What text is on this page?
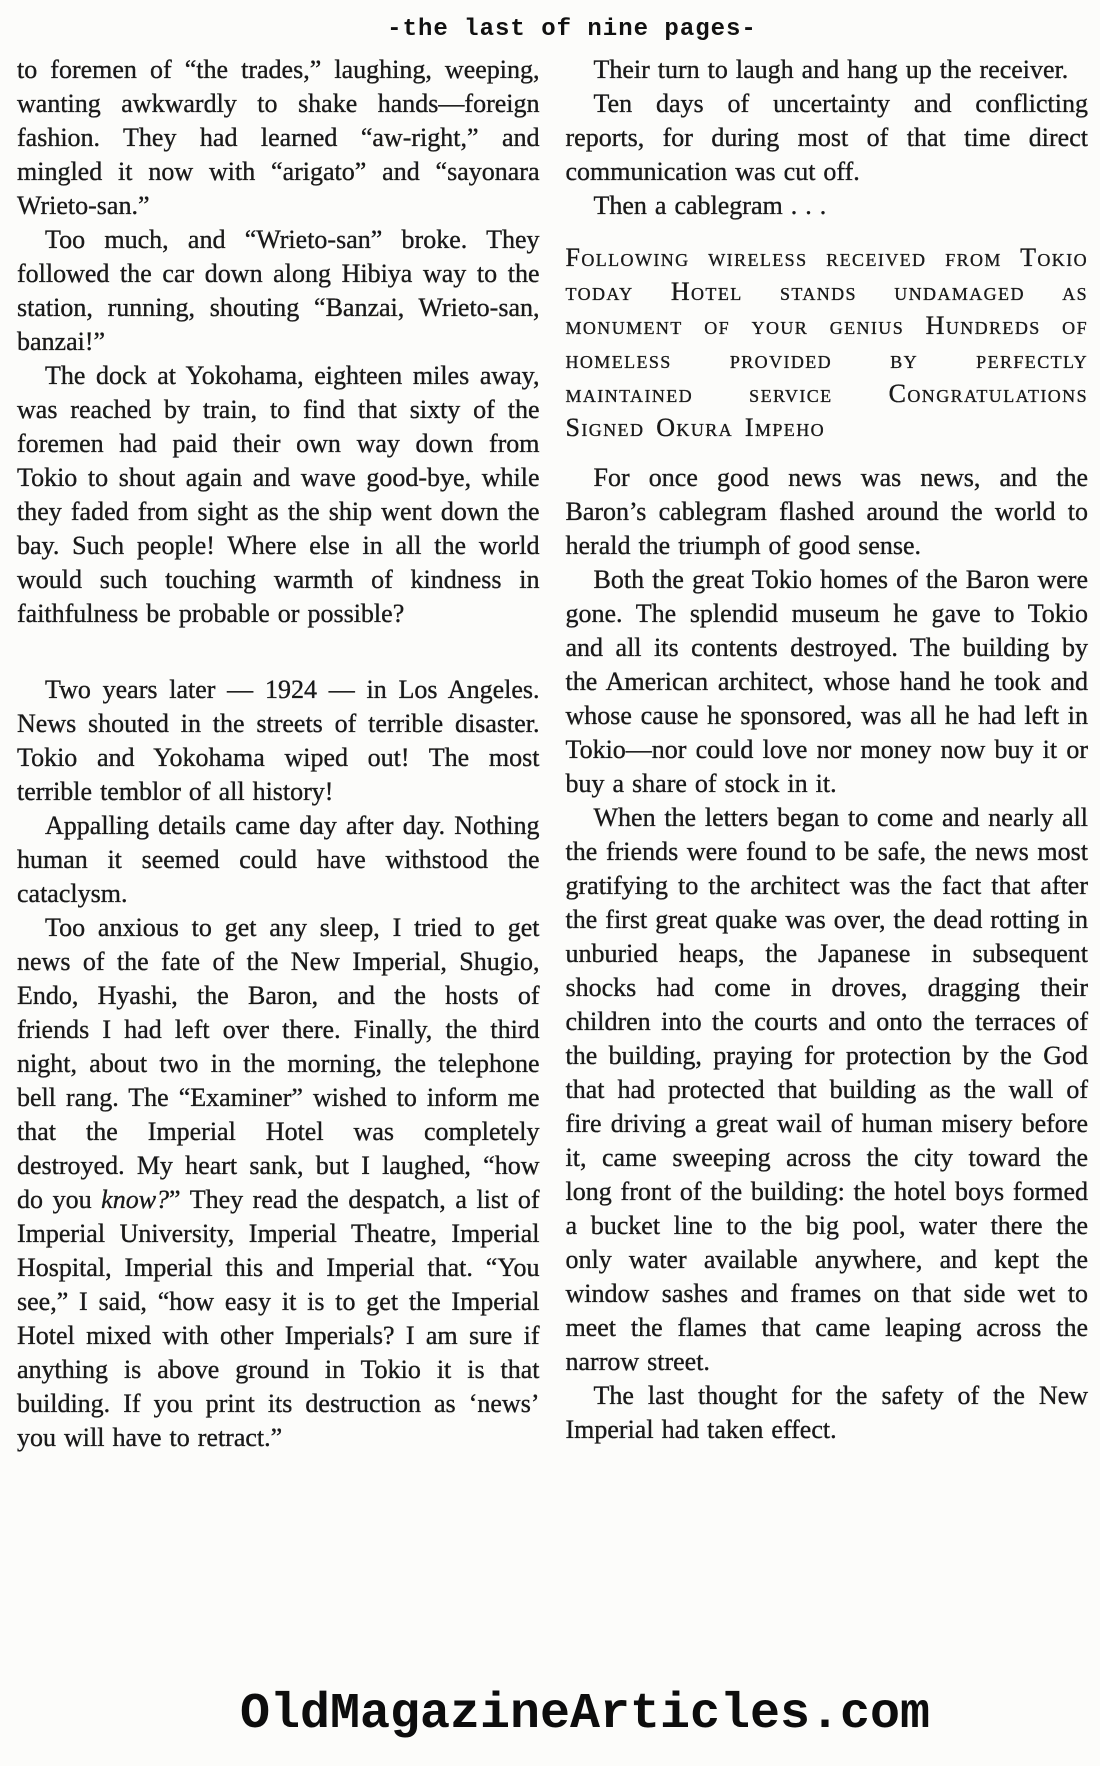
-the last of nine pages-

to foremen of “the trades,” laughing, weeping, wanting awkwardly to shake hands—foreign fashion. They had learned “aw-right,” and mingled it now with “arigato” and “sayonara Wrieto-san.”

Too much, and “Wrieto-san” broke. They followed the car down along Hibiya way to the station, running, shouting “Banzai, Wrieto-san, banzai!”

The dock at Yokohama, eighteen miles away, was reached by train, to find that sixty of the foremen had paid their own way down from Tokio to shout again and wave good-bye, while they faded from sight as the ship went down the bay. Such people! Where else in all the world would such touching warmth of kindness in faithfulness be probable or possible?

Two years later — 1924 — in Los Angeles. News shouted in the streets of terrible disaster. Tokio and Yokohama wiped out! The most terrible temblor of all history!

Appalling details came day after day. Nothing human it seemed could have withstood the cataclysm.

Too anxious to get any sleep, I tried to get news of the fate of the New Imperial, Shugio, Endo, Hyashi, the Baron, and the hosts of friends I had left over there. Finally, the third night, about two in the morning, the telephone bell rang. The “Examiner” wished to inform me that the Imperial Hotel was completely destroyed. My heart sank, but I laughed, “how do you know?” They read the despatch, a list of Imperial University, Imperial Theatre, Imperial Hospital, Imperial this and Imperial that. “You see,” I said, “how easy it is to get the Imperial Hotel mixed with other Imperials? I am sure if anything is above ground in Tokio it is that building. If you print its destruction as ‘news’ you will have to retract.”

Their turn to laugh and hang up the receiver.

Ten days of uncertainty and conflicting reports, for during most of that time direct communication was cut off.

Then a cablegram . . .

Following wireless received from Tokio today Hotel stands undamaged as monument of your genius Hundreds of homeless provided by perfectly maintained service Congratulations Signed Okura Impeho

For once good news was news, and the Baron’s cablegram flashed around the world to herald the triumph of good sense.

Both the great Tokio homes of the Baron were gone. The splendid museum he gave to Tokio and all its contents destroyed. The building by the American architect, whose hand he took and whose cause he sponsored, was all he had left in Tokio—nor could love nor money now buy it or buy a share of stock in it.

When the letters began to come and nearly all the friends were found to be safe, the news most gratifying to the architect was the fact that after the first great quake was over, the dead rotting in unburied heaps, the Japanese in subsequent shocks had come in droves, dragging their children into the courts and onto the terraces of the building, praying for protection by the God that had protected that building as the wall of fire driving a great wail of human misery before it, came sweeping across the city toward the long front of the building: the hotel boys formed a bucket line to the big pool, water there the only water available anywhere, and kept the window sashes and frames on that side wet to meet the flames that came leaping across the narrow street.

The last thought for the safety of the New Imperial had taken effect.

OldMagazineArticles.com
